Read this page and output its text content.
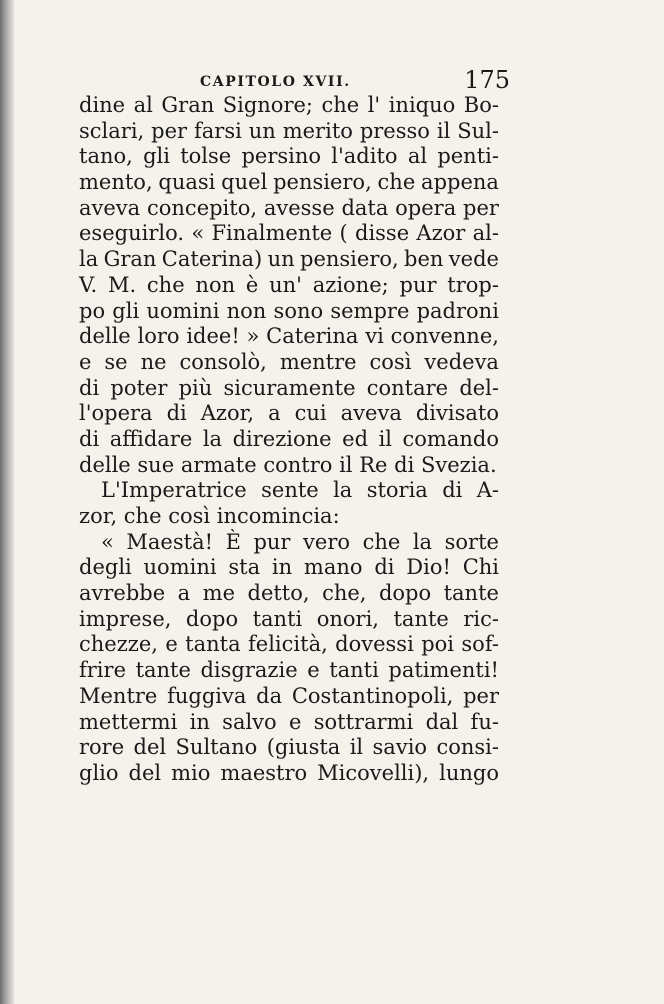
CAPITOLO XVII.	175
dine al Gran Signore; che l' iniquo Bo-
sclari, per farsi un merito presso il Sul-
tano, gli tolse persino l'adito al penti-
mento, quasi quel pensiero, che appena
aveva concepito, avesse data opera per
eseguirlo. « Finalmente ( disse Azor al-
la Gran Caterina) un pensiero, ben vede
V. M. che non è un' azione; pur trop-
po gli uomini non sono sempre padroni
delle loro idee! » Caterina vi convenne,
e se ne consolò, mentre così vedeva
di poter più sicuramente contare del-
l'opera di Azor, a cui aveva divisato
di affidare la direzione ed il comando
delle sue armate contro il Re di Svezia.
L'Imperatrice sente la storia di A-
zor, che così incomincia:
« Maestà! È pur vero che la sorte
degli uomini sta in mano di Dio! Chi
avrebbe a me detto, che, dopo tante
imprese, dopo tanti onori, tante ric-
chezze, e tanta felicità, dovessi poi sof-
frire tante disgrazie e tanti patimenti!
Mentre fuggiva da Costantinopoli, per
mettermi in salvo e sottrarmi dal fu-
rore del Sultano (giusta il savio consi-
glio del mio maestro Micovelli), lungo
